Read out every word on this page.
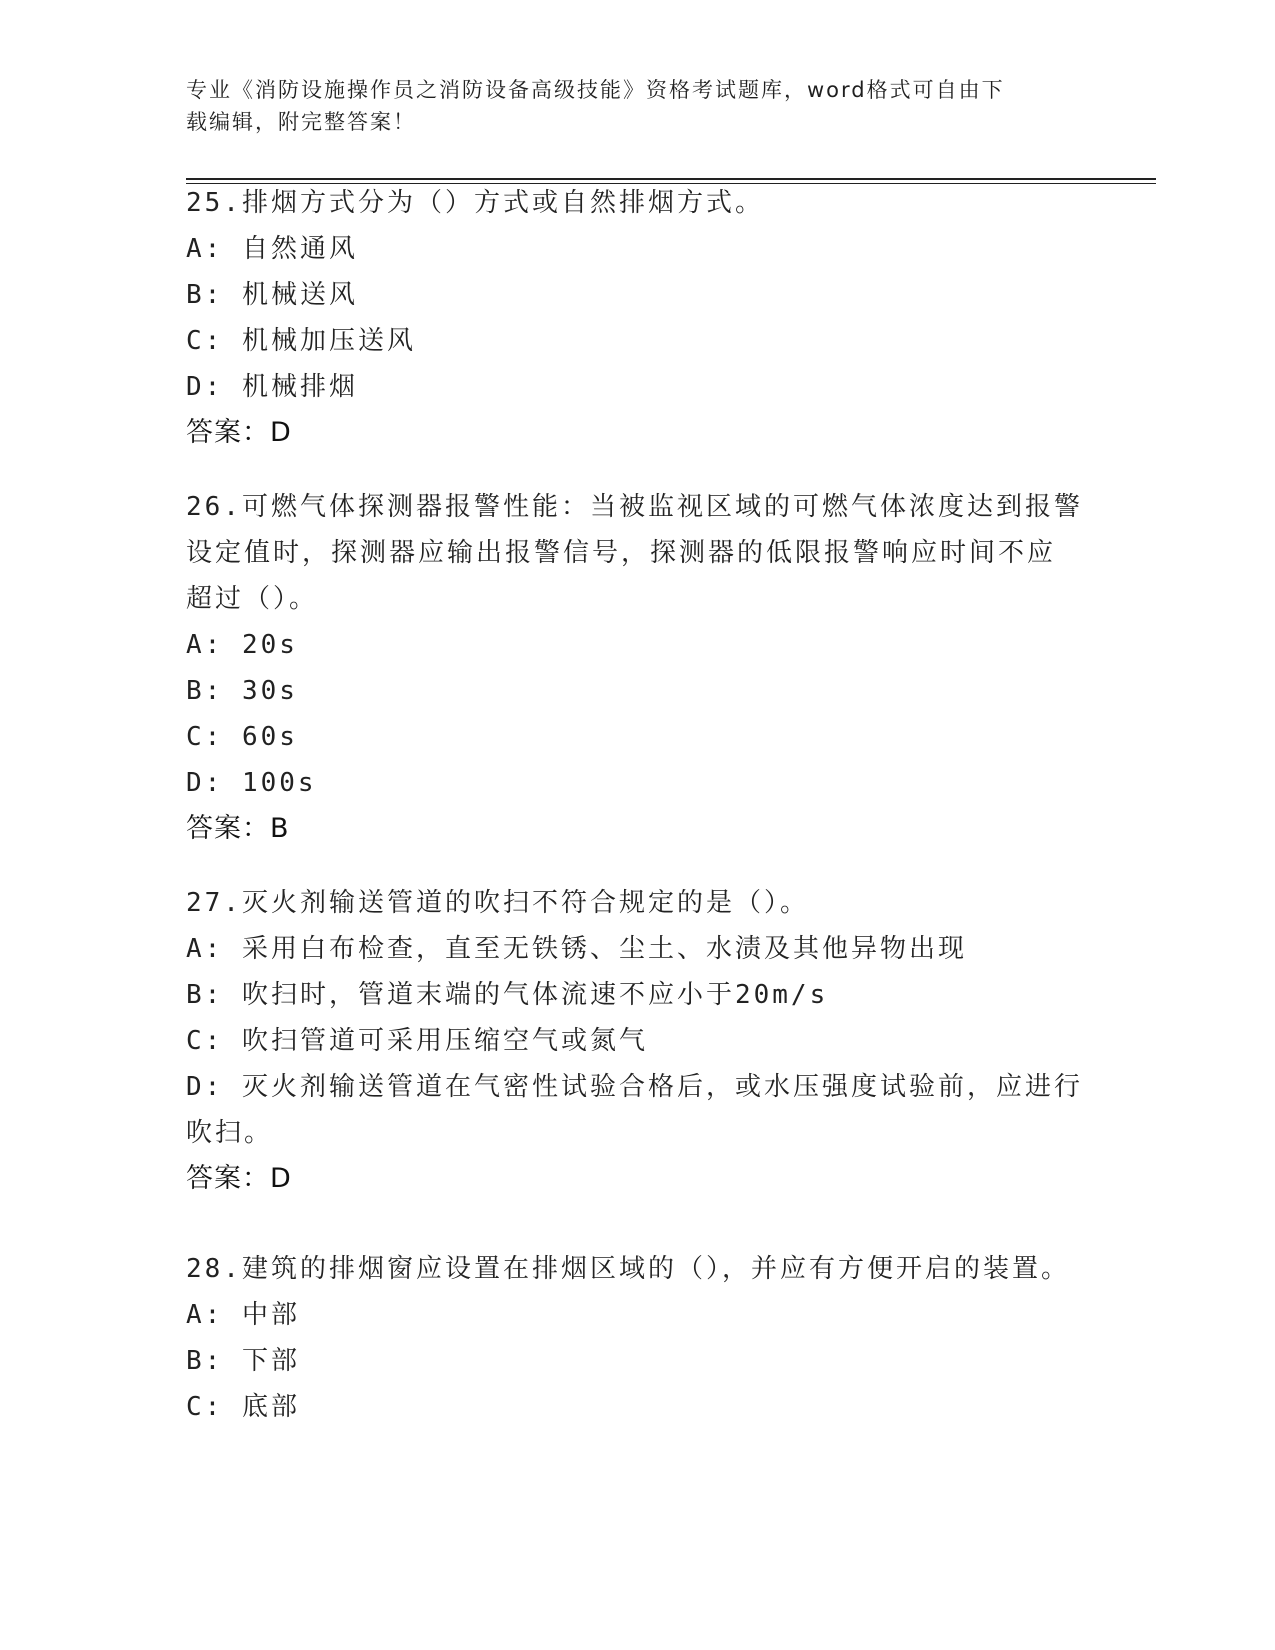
专业《消防设施操作员之消防设备高级技能》资格考试题库，word格式可自由下
载编辑，附完整答案！
25.排烟方式分为（）方式或自然排烟方式。
A: 自然通风
B: 机械送风
C: 机械加压送风
D: 机械排烟
答案：D
26.可燃气体探测器报警性能：当被监视区域的可燃气体浓度达到报警
设定值时，探测器应输出报警信号，探测器的低限报警响应时间不应
超过（）。
A: 20s
B: 30s
C: 60s
D: 100s
答案：B
27.灭火剂输送管道的吹扫不符合规定的是（）。
A: 采用白布检查，直至无铁锈、尘土、水渍及其他异物出现
B: 吹扫时，管道末端的气体流速不应小于20m/s
C: 吹扫管道可采用压缩空气或氮气
D: 灭火剂输送管道在气密性试验合格后，或水压强度试验前，应进行
吹扫。
答案：D
28.建筑的排烟窗应设置在排烟区域的（），并应有方便开启的装置。
A: 中部
B: 下部
C: 底部
